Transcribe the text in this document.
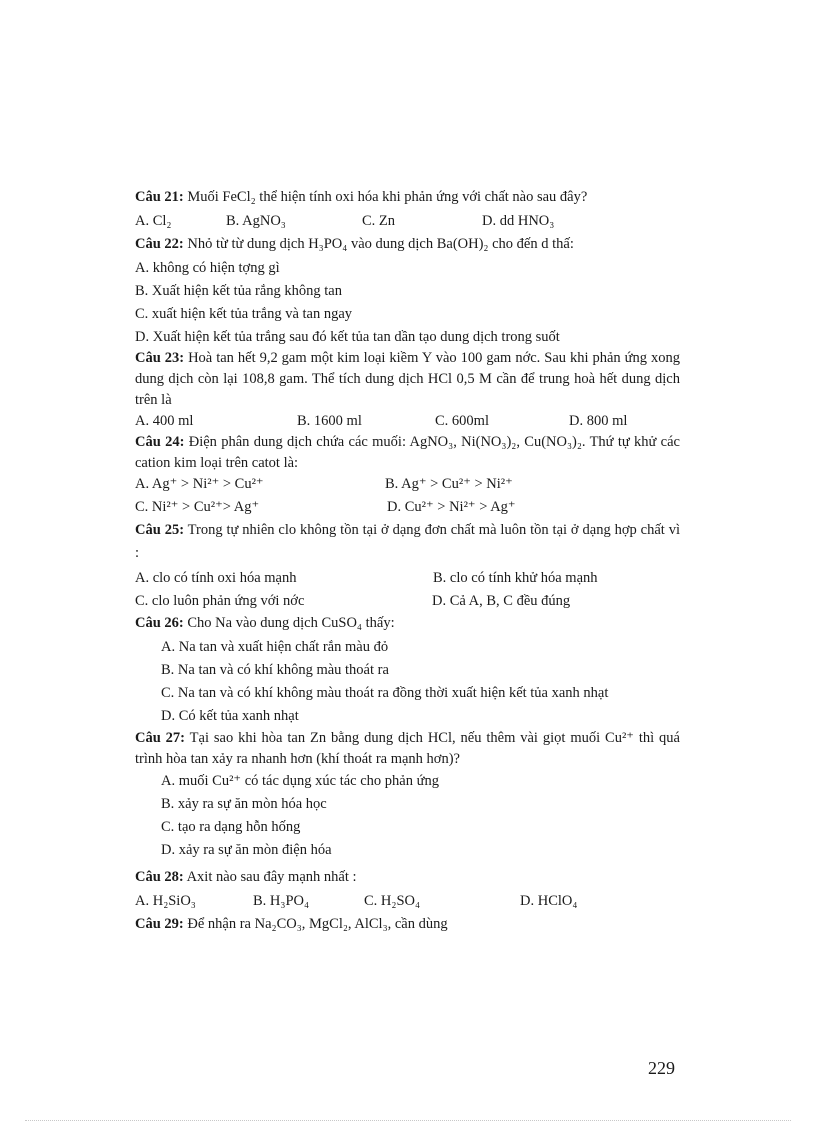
Câu 21: Muối FeCl₂ thể hiện tính oxi hóa khi phản ứng với chất nào sau đây?
A. Cl₂	B. AgNO₃	C. Zn	D. dd HNO₃
Câu 22: Nhỏ từ từ dung dịch H₃PO₄ vào dung dịch Ba(OH)₂ cho đến d thấ:
A. không có hiện tợng gì
B. Xuất hiện kết tủa rắng không tan
C. xuất hiện kết tủa trắng và tan ngay
D. Xuất hiện kết tủa trắng sau đó kết tủa tan dần tạo dung dịch trong suốt
Câu 23: Hoà tan hết 9,2 gam một kim loại kiềm Y vào 100 gam nớc. Sau khi phản ứng xong dung dịch còn lại 108,8 gam. Thể tích dung dịch HCl 0,5 M cần để trung hoà hết dung dịch trên là
A. 400 ml	B. 1600 ml	C. 600ml	D. 800 ml
Câu 24: Điện phân dung dịch chứa các muối: AgNO₃, Ni(NO₃)₂, Cu(NO₃)₂. Thứ tự khử các cation kim loại trên catot là:
A. Ag⁺ > Ni²⁺ > Cu²⁺	B. Ag⁺ > Cu²⁺ > Ni²⁺
C. Ni²⁺ > Cu²⁺> Ag⁺	D. Cu²⁺ > Ni²⁺ > Ag⁺
Câu 25: Trong tự nhiên clo không tồn tại ở dạng đơn chất mà luôn tồn tại ở dạng hợp chất vì :
A. clo có tính oxi hóa mạnh	B. clo có tính khử hóa mạnh
C. clo luôn phản ứng với nớc	D. Cả A, B, C đều đúng
Câu 26: Cho Na vào dung dịch CuSO₄ thấy:
A. Na tan và xuất hiện chất rắn màu đỏ
B. Na tan và có khí không màu thoát ra
C. Na tan và có khí không màu thoát ra đồng thời xuất hiện kết tủa xanh nhạt
D. Có kết tủa xanh nhạt
Câu 27: Tại sao khi hòa tan Zn bằng dung dịch HCl, nếu thêm vài giọt muối Cu²⁺ thì quá trình hòa tan xảy ra nhanh hơn (khí thoát ra mạnh hơn)?
A. muối Cu²⁺ có tác dụng xúc tác cho phản ứng
B. xảy ra sự ăn mòn hóa học
C. tạo ra dạng hỗn hống
D. xảy ra sự ăn mòn điện hóa
Câu 28: Axit nào sau đây mạnh nhất :
A. H₂SiO₃	B. H₃PO₄	C. H₂SO₄	D. HClO₄
Câu 29: Để nhận ra Na₂CO₃, MgCl₂, AlCl₃, cần dùng
229
